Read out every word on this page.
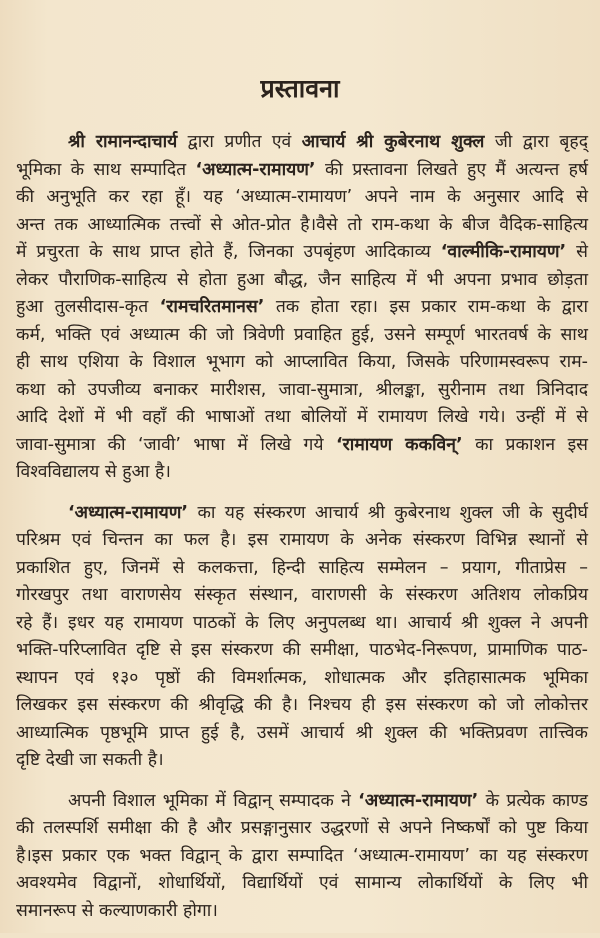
प्रस्तावना
श्री रामानन्दाचार्य द्वारा प्रणीत एवं आचार्य श्री कुबेरनाथ शुक्ल जी द्वारा बृहद्
भूमिका के साथ सम्पादित ‘अध्यात्म-रामायण’ की प्रस्तावना लिखते हुए मैं अत्यन्त हर्ष
की अनुभूति कर रहा हूँ। यह ‘अध्यात्म-रामायण’ अपने नाम के अनुसार आदि से
अन्त तक आध्यात्मिक तत्त्वों से ओत-प्रोत है।वैसे तो राम-कथा के बीज वैदिक-साहित्य
में प्रचुरता के साथ प्राप्त होते हैं, जिनका उपबृंहण आदिकाव्य ‘वाल्मीकि-रामायण’ से
लेकर पौराणिक-साहित्य से होता हुआ बौद्ध, जैन साहित्य में भी अपना प्रभाव छोड़ता
हुआ तुलसीदास-कृत ‘रामचरितमानस’ तक होता रहा। इस प्रकार राम-कथा के द्वारा
कर्म, भक्ति एवं अध्यात्म की जो त्रिवेणी प्रवाहित हुई, उसने सम्पूर्ण भारतवर्ष के साथ
ही साथ एशिया के विशाल भूभाग को आप्लावित किया, जिसके परिणामस्वरूप राम-
कथा को उपजीव्य बनाकर मारीशस, जावा-सुमात्रा, श्रीलङ्का, सुरीनाम तथा त्रिनिदाद
आदि देशों में भी वहाँ की भाषाओं तथा बोलियों में रामायण लिखे गये। उन्हीं में से
जावा-सुमात्रा की ‘जावी’ भाषा में लिखे गये ‘रामायण ककविन्’ का प्रकाशन इस
विश्वविद्यालय से हुआ है।
‘अध्यात्म-रामायण’ का यह संस्करण आचार्य श्री कुबेरनाथ शुक्ल जी के सुदीर्घ
परिश्रम एवं चिन्तन का फल है। इस रामायण के अनेक संस्करण विभिन्न स्थानों से
प्रकाशित हुए, जिनमें से कलकत्ता, हिन्दी साहित्य सम्मेलन – प्रयाग, गीताप्रेस –
गोरखपुर तथा वाराणसेय संस्कृत संस्थान, वाराणसी के संस्करण अतिशय लोकप्रिय
रहे हैं। इधर यह रामायण पाठकों के लिए अनुपलब्ध था। आचार्य श्री शुक्ल ने अपनी
भक्ति-परिप्लावित दृष्टि से इस संस्करण की समीक्षा, पाठभेद-निरूपण, प्रामाणिक पाठ-
स्थापन एवं १३० पृष्ठों की विमर्शात्मक, शोधात्मक और इतिहासात्मक भूमिका
लिखकर इस संस्करण की श्रीवृद्धि की है। निश्चय ही इस संस्करण को जो लोकोत्तर
आध्यात्मिक पृष्ठभूमि प्राप्त हुई है, उसमें आचार्य श्री शुक्ल की भक्तिप्रवण तात्त्विक
दृष्टि देखी जा सकती है।
अपनी विशाल भूमिका में विद्वान् सम्पादक ने ‘अध्यात्म-रामायण’ के प्रत्येक काण्ड
की तलस्पर्शि समीक्षा की है और प्रसङ्गानुसार उद्धरणों से अपने निष्कर्षों को पुष्ट किया
है।इस प्रकार एक भक्त विद्वान् के द्वारा सम्पादित ‘अध्यात्म-रामायण’ का यह संस्करण
अवश्यमेव विद्वानों, शोधार्थियों, विद्यार्थियों एवं सामान्य लोकार्थियों के लिए भी
समानरूप से कल्याणकारी होगा।
